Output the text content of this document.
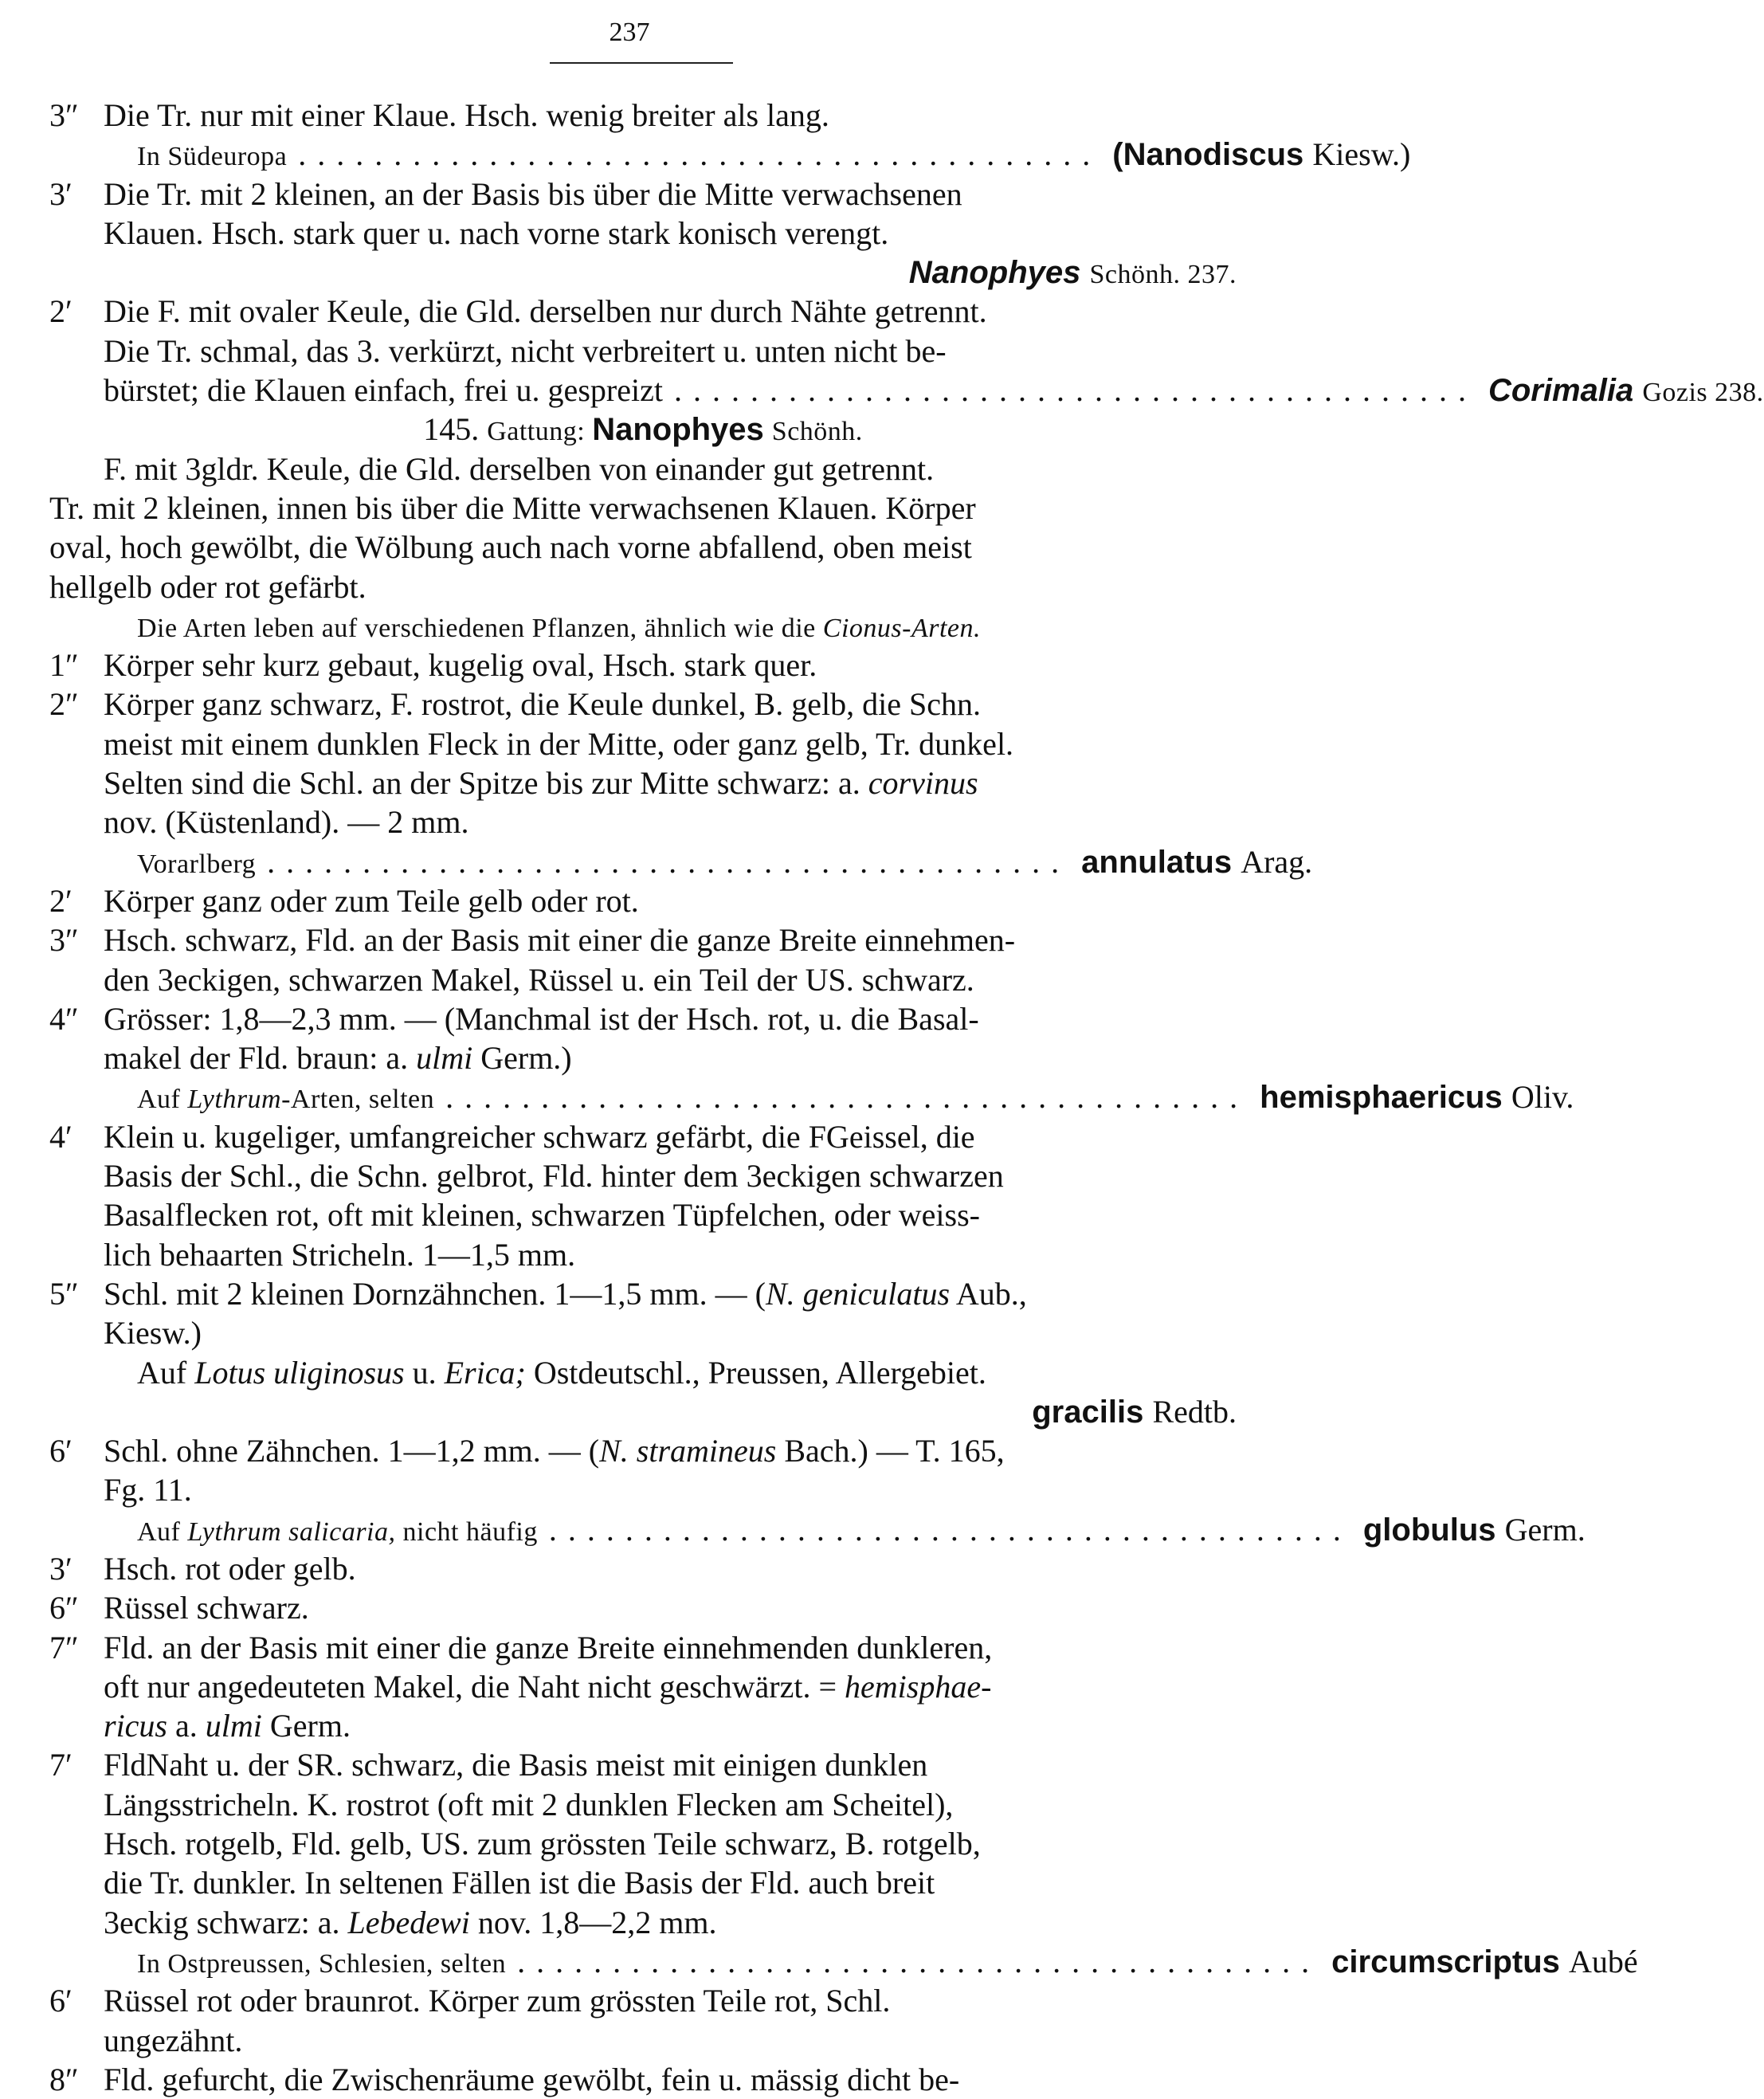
237
3″ Die Tr. nur mit einer Klaue. Hsch. wenig breiter als lang.
In Südeuropa .......................................... (Nanodiscus Kiesw.)
3′ Die Tr. mit 2 kleinen, an der Basis bis über die Mitte verwachsenen
Klauen. Hsch. stark quer u. nach vorne stark konisch verengt.
Nanophyes Schönh. 237.
2′ Die F. mit ovaler Keule, die Gld. derselben nur durch Nähte getrennt.
Die Tr. schmal, das 3. verkürzt, nicht verbreitert u. unten nicht be-
bürstet; die Klauen einfach, frei u. gespreizt .......................................... Corimalia Gozis 238.
145. Gattung: Nanophyes Schönh.
F. mit 3gldr. Keule, die Gld. derselben von einander gut getrennt.
Tr. mit 2 kleinen, innen bis über die Mitte verwachsenen Klauen. Körper
oval, hoch gewölbt, die Wölbung auch nach vorne abfallend, oben meist
hellgelb oder rot gefärbt.
Die Arten leben auf verschiedenen Pflanzen, ähnlich wie die Cionus-Arten.
1″ Körper sehr kurz gebaut, kugelig oval, Hsch. stark quer.
2″ Körper ganz schwarz, F. rostrot, die Keule dunkel, B. gelb, die Schn.
meist mit einem dunklen Fleck in der Mitte, oder ganz gelb, Tr. dunkel.
Selten sind die Schl. an der Spitze bis zur Mitte schwarz: a. corvinus
nov. (Küstenland). — 2 mm.
Vorarlberg .......................................... annulatus Arag.
2′ Körper ganz oder zum Teile gelb oder rot.
3″ Hsch. schwarz, Fld. an der Basis mit einer die ganze Breite einnehmen-
den 3eckigen, schwarzen Makel, Rüssel u. ein Teil der US. schwarz.
4″ Grösser: 1,8—2,3 mm. — (Manchmal ist der Hsch. rot, u. die Basal-
makel der Fld. braun: a. ulmi Germ.)
Auf Lythrum-Arten, selten .......................................... hemisphaericus Oliv.
4′ Klein u. kugeliger, umfangreicher schwarz gefärbt, die FGeissel, die
Basis der Schl., die Schn. gelbrot, Fld. hinter dem 3eckigen schwarzen
Basalflecken rot, oft mit kleinen, schwarzen Tüpfelchen, oder weiss-
lich behaarten Stricheln. 1—1,5 mm.
5″ Schl. mit 2 kleinen Dornzähnchen. 1—1,5 mm. — (N. geniculatus Aub.,
Kiesw.)
Auf Lotus uliginosus u. Erica; Ostdeutschl., Preussen, Allergebiet.
gracilis Redtb.
6′ Schl. ohne Zähnchen. 1—1,2 mm. — (N. stramineus Bach.) — T. 165,
Fg. 11.
Auf Lythrum salicaria, nicht häufig .......................................... globulus Germ.
3′ Hsch. rot oder gelb.
6″ Rüssel schwarz.
7″ Fld. an der Basis mit einer die ganze Breite einnehmenden dunkleren,
oft nur angedeuteten Makel, die Naht nicht geschwärzt. = hemisphae-
ricus a. ulmi Germ.
7′ FldNaht u. der SR. schwarz, die Basis meist mit einigen dunklen
Längsstricheln. K. rostrot (oft mit 2 dunklen Flecken am Scheitel),
Hsch. rotgelb, Fld. gelb, US. zum grössten Teile schwarz, B. rotgelb,
die Tr. dunkler. In seltenen Fällen ist die Basis der Fld. auch breit
3eckig schwarz: a. Lebedewi nov. 1,8—2,2 mm.
In Ostpreussen, Schlesien, selten .......................................... circumscriptus Aubé
6′ Rüssel rot oder braunrot. Körper zum grössten Teile rot, Schl.
ungezähnt.
8″ Fld. gefurcht, die Zwischenräume gewölbt, fein u. mässig dicht be-
